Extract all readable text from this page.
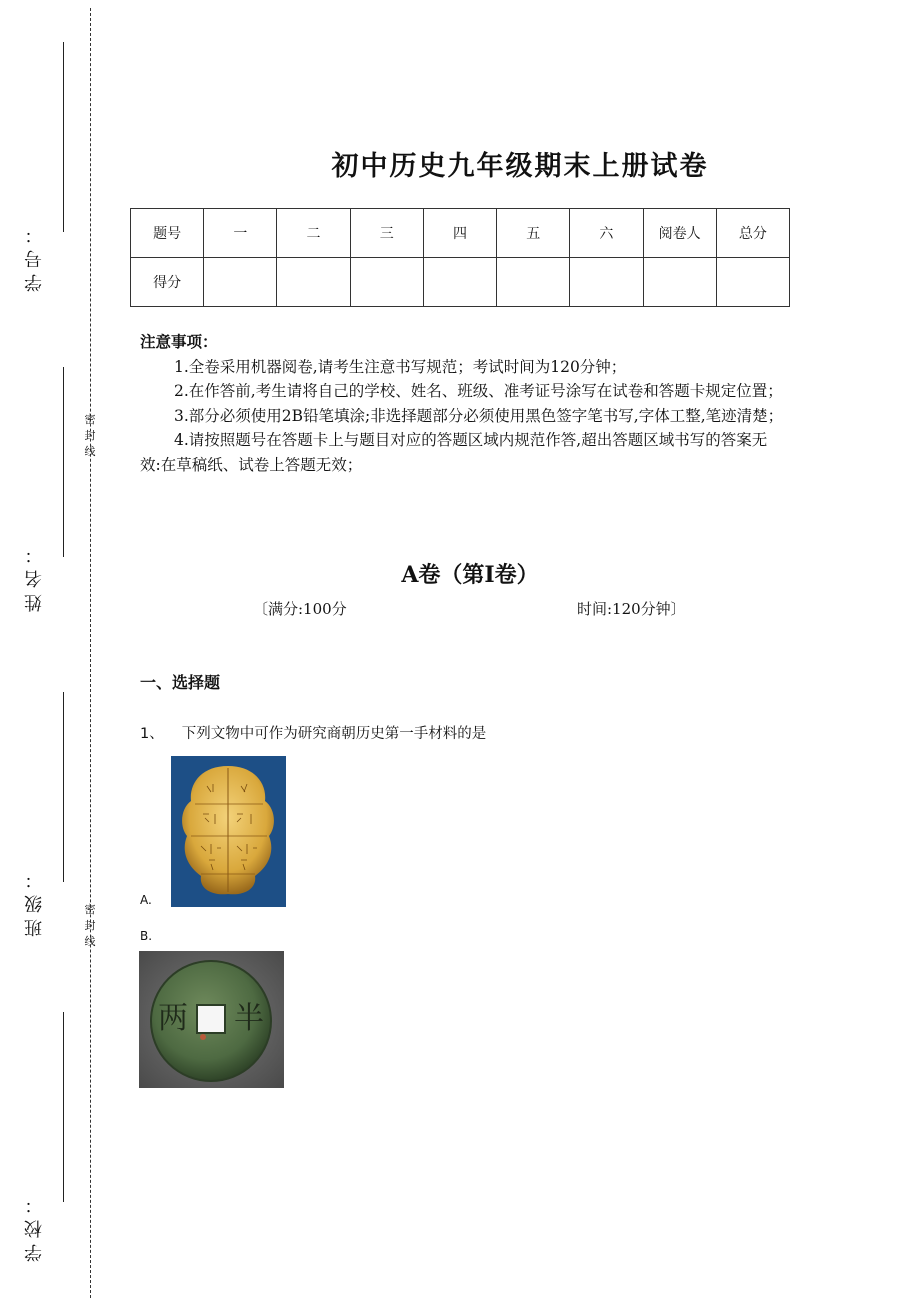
学号：
姓名：
班级：
学校：
密
封
线
密
封
线
初中历史九年级期末上册试卷
题号	一	二	三	四	五	六	阅卷人	总分
得分								
注意事项：

1.全卷采用机器阅卷,请考生注意书写规范；考试时间为120分钟；

2.在作答前,考生请将自己的学校、姓名、班级、准考证号涂写在试卷和答题卡规定位置；

3.部分必须使用2B铅笔填涂;非选择题部分必须使用黑色签字笔书写,字体工整,笔迹清楚；

4.请按照题号在答题卡上与题目对应的答题区域内规范作答,超出答题区域书写的答案无效:在草稿纸、试卷上答题无效；

A卷（第I卷）
〔满分:100分	时间:120分钟〕
一、选择题
1、 下列文物中可作为研究商朝历史第一手材料的是
A.
B.
半
两
